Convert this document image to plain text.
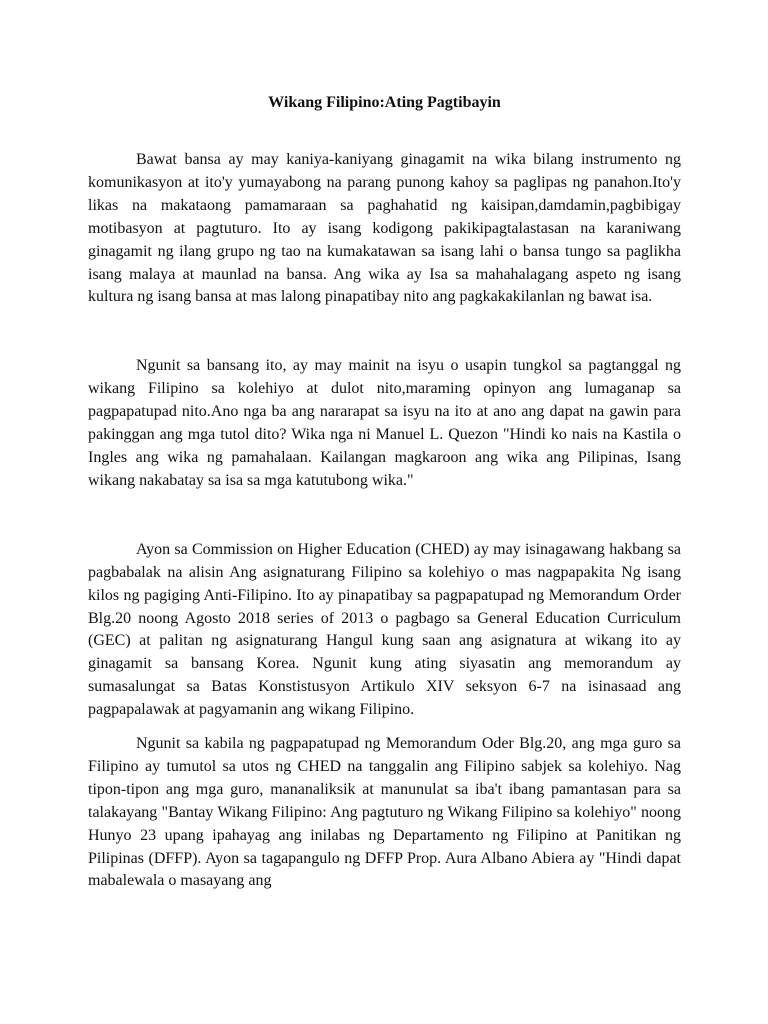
Wikang Filipino:Ating Pagtibayin

Bawat bansa ay may kaniya-kaniyang ginagamit na wika bilang instrumento ng komunikasyon at ito'y yumayabong na parang punong kahoy sa paglipas ng panahon.Ito'y likas na makataong pamamaraan sa paghahatid ng kaisipan,damdamin,pagbibigay motibasyon at pagtuturo. Ito ay isang kodigong pakikipagtalastasan na karaniwang ginagamit ng ilang grupo ng tao na kumakatawan sa isang lahi o bansa tungo sa paglikha isang malaya at maunlad na bansa. Ang wika ay Isa sa mahahalagang aspeto ng isang kultura ng isang bansa at mas lalong pinapatibay nito ang pagkakakilanlan ng bawat isa.

Ngunit sa bansang ito, ay may mainit na isyu o usapin tungkol sa pagtanggal ng wikang Filipino sa kolehiyo at dulot nito,maraming opinyon ang lumaganap sa pagpapatupad nito.Ano nga ba ang nararapat sa isyu na ito at ano ang dapat na gawin para pakinggan ang mga tutol dito? Wika nga ni Manuel L. Quezon "Hindi ko nais na Kastila o Ingles ang wika ng pamahalaan. Kailangan magkaroon ang wika ang Pilipinas, Isang wikang nakabatay sa isa sa mga katutubong wika."

Ayon sa Commission on Higher Education (CHED) ay may isinagawang hakbang sa pagbabalak na alisin Ang asignaturang Filipino sa kolehiyo o mas nagpapakita Ng isang kilos ng pagiging Anti-Filipino. Ito ay pinapatibay sa pagpapatupad ng Memorandum Order Blg.20 noong Agosto 2018 series of 2013 o pagbago sa General Education Curriculum (GEC) at palitan ng asignaturang Hangul kung saan ang asignatura at wikang ito ay ginagamit sa bansang Korea. Ngunit kung ating siyasatin ang memorandum ay sumasalungat sa Batas Konstistusyon Artikulo XIV seksyon 6-7 na isinasaad ang pagpapalawak at pagyamanin ang wikang Filipino.

Ngunit sa kabila ng pagpapatupad ng Memorandum Oder Blg.20, ang mga guro sa Filipino ay tumutol sa utos ng CHED na tanggalin ang Filipino sabjek sa kolehiyo. Nag tipon-tipon ang mga guro, mananaliksik at manunulat sa iba't ibang pamantasan para sa talakayang "Bantay Wikang Filipino: Ang pagtuturo ng Wikang Filipino sa kolehiyo" noong Hunyo 23 upang ipahayag ang inilabas ng Departamento ng Filipino at Panitikan ng Pilipinas (DFFP). Ayon sa tagapangulo ng DFFP Prop. Aura Albano Abiera ay "Hindi dapat mabalewala o masayang ang
